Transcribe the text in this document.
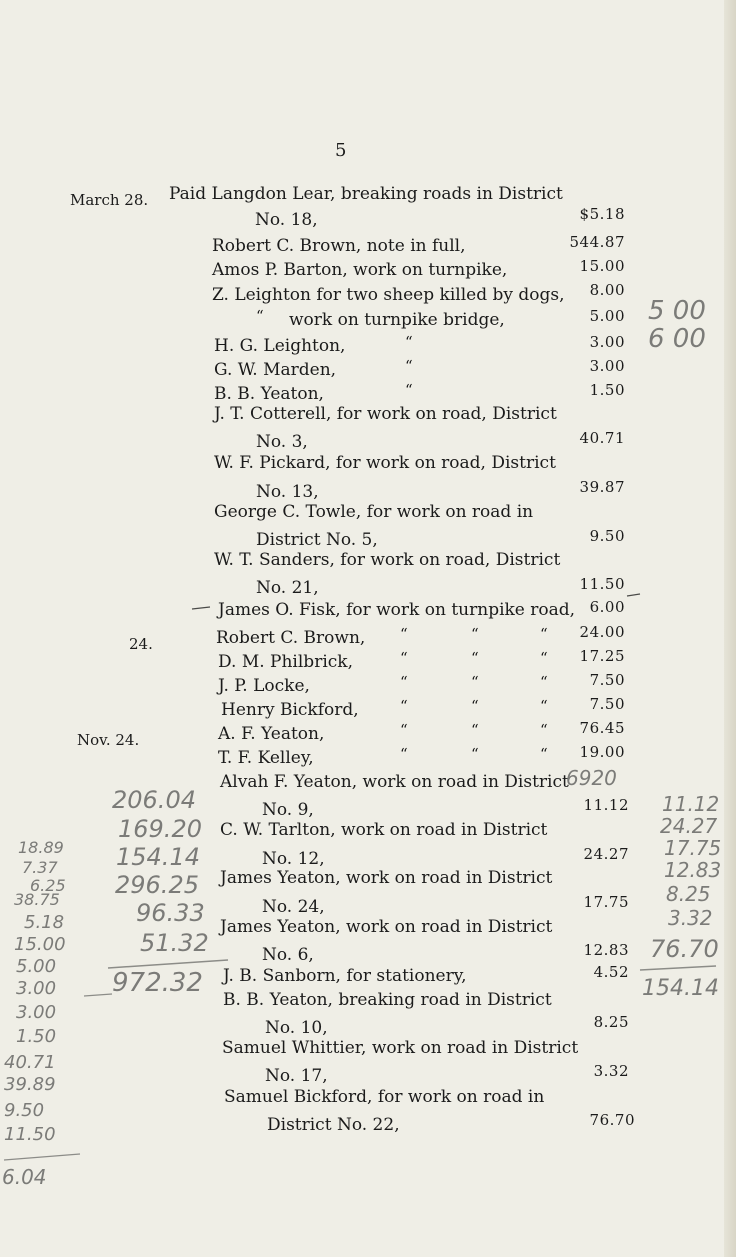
5
March 28. Paid Langdon Lear, breaking roads in District
No. 18,	$5.18
Robert C. Brown, note in full,	544.87
Amos P. Barton, work on turnpike,	15.00
Z. Leighton for two sheep killed by dogs,	8.00
“ work on turnpike bridge,	5.00
H. G. Leighton,	“	3.00
G. W. Marden,	“	3.00
B. B. Yeaton,	“	1.50
J. T. Cotterell, for work on road, District
No. 3,	40.71
W. F. Pickard, for work on road, District
No. 13,	39.87
George C. Towle, for work on road in
District No. 5,	9.50
W. T. Sanders, for work on road, District
No. 21,	11.50
James O. Fisk, for work on turnpike road, 6.00
24.	Robert C. Brown, “	“	“	24.00
D. M. Philbrick,	“	“	“	17.25
J. P. Locke,	“	“	“	7.50
Henry Bickford,	“	“	“	7.50
Nov. 24.	A. F. Yeaton,	“	“	“	76.45
T. F. Kelley,	“	“	“	19.00
Alvah F. Yeaton, work on road in District
No. 9,	11.12
C. W. Tarlton, work on road in District
No. 12,	24.27
James Yeaton, work on road in District
No. 24,	17.75
James Yeaton, work on road in District
No. 6,	12.83
J. B. Sanborn, for stationery,	4.52
B. B. Yeaton, breaking road in District
No. 10,	8.25
Samuel Whittier, work on road in District
No. 17,	3.32
Samuel Bickford, for work on road in
District No. 22,	76.70
5 00
6 00
6920
206.04
169.20
154.14
296.25
96.33
51.32
972.32
18.89
7.37
6.25
38.75
5.18
15.00
5.00
3.00
3.00
1.50
40.71
39.89
9.50
11.50
6.04
11.12
24.27
17.75
12.83
8.25
3.32
76.70
154.14
